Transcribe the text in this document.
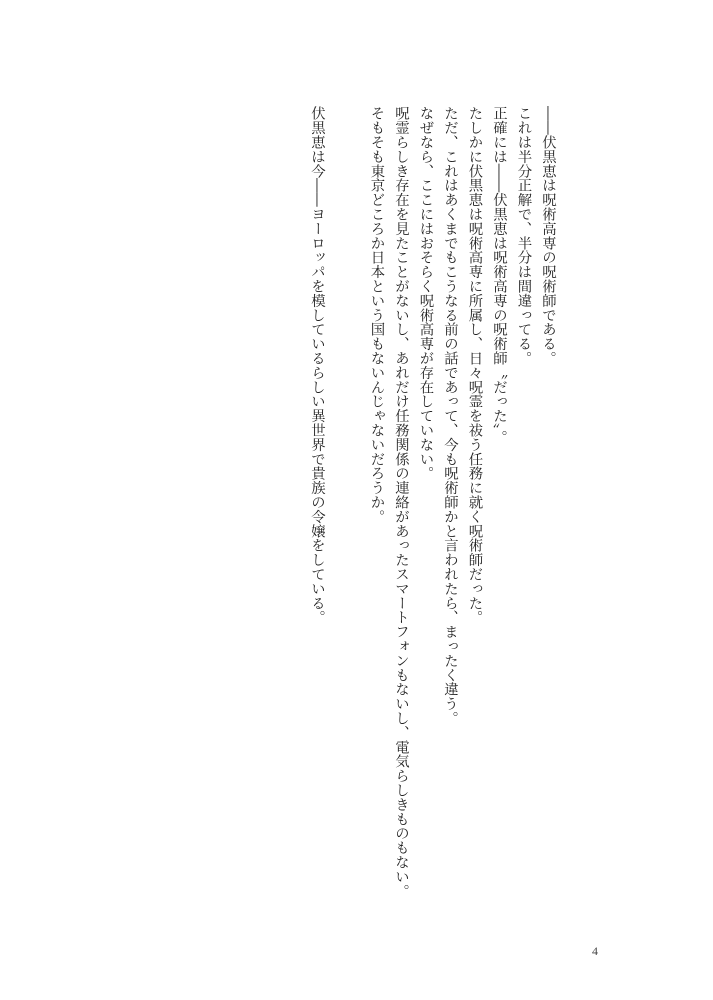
――伏黒恵は呪術高専の呪術師である。

これは半分正解で、半分は間違ってる。

正確には――伏黒恵は呪術高専の呪術師〝だった〟。

たしかに伏黒恵は呪術高専に所属し、日々呪霊を祓う任務に就く呪術師だった。

ただ、これはあくまでもこうなる前の話であって、今も呪術師かと言われたら、まったく違う。

なぜなら、ここにはおそらく呪術高専が存在していない。

呪霊らしき存在を見たことがないし、あれだけ任務関係の連絡があったスマートフォンもないし、電気らしきものもない。

そもそも東京どころか日本という国もないんじゃないだろうか。

伏黒恵は今――ヨーロッパを模しているらしい異世界で貴族の令嬢をしている。

4
